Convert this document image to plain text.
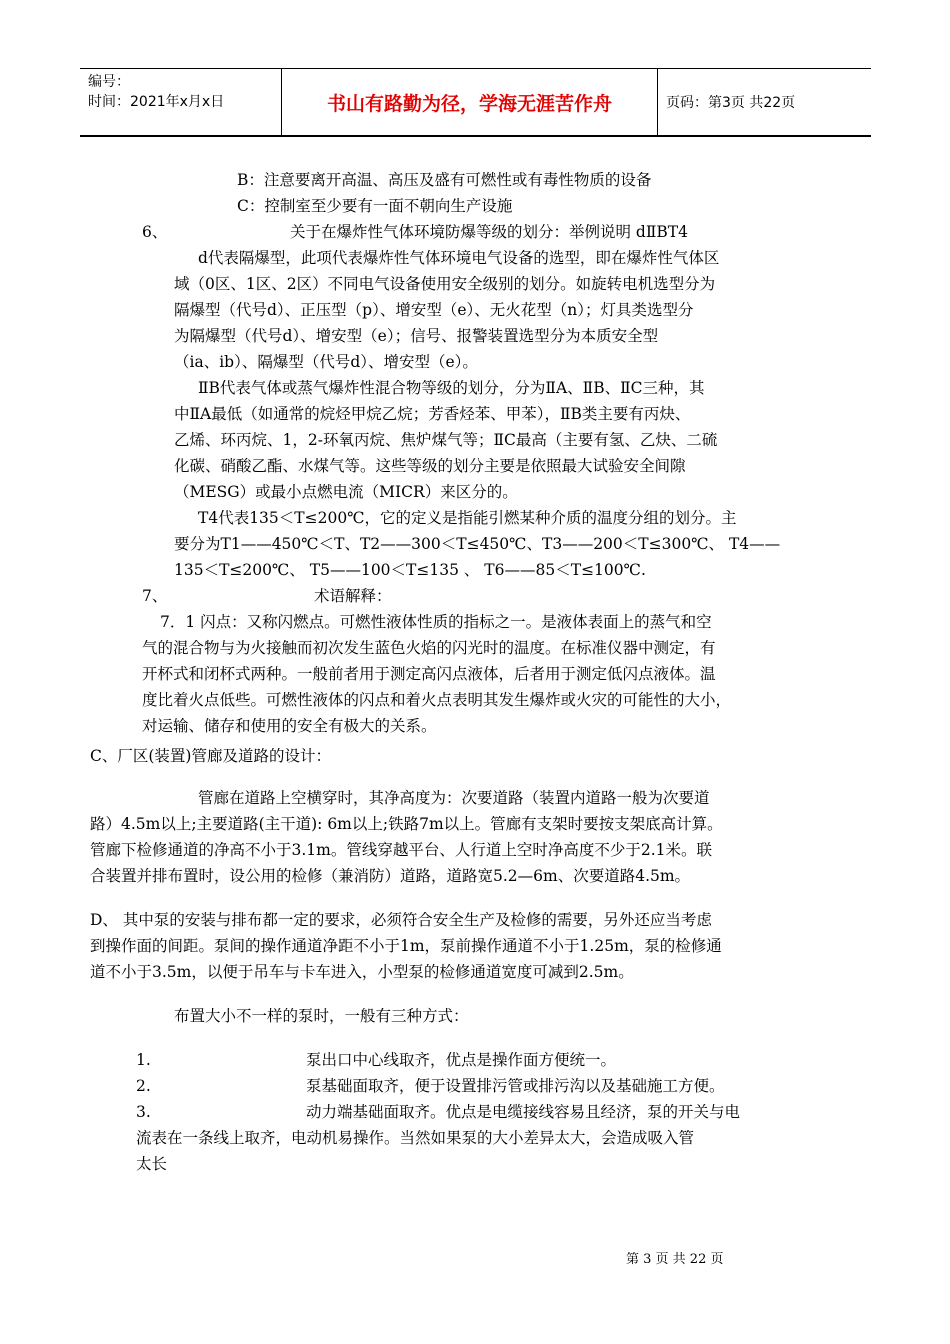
编号：
时间：2021年x月x日	书山有路勤为径，学海无涯苦作舟	页码：第3页 共22页
B：注意要离开高温、高压及盛有可燃性或有毒性物质的设备
C：控制室至少要有一面不朝向生产设施
6、	关于在爆炸性气体环境防爆等级的划分：举例说明 dⅡBT4
d代表隔爆型，此项代表爆炸性气体环境电气设备的选型，即在爆炸性气体区
域（0区、1区、2区）不同电气设备使用安全级别的划分。如旋转电机选型分为
隔爆型（代号d）、正压型（p）、增安型（e）、无火花型（n）；灯具类选型分
为隔爆型（代号d）、增安型（e）；信号、报警装置选型分为本质安全型
（ia、ib）、隔爆型（代号d）、增安型（e）。
ⅡB代表气体或蒸气爆炸性混合物等级的划分，分为ⅡA、ⅡB、ⅡC三种，其
中ⅡA最低（如通常的烷烃甲烷乙烷；芳香烃苯、甲苯），ⅡB类主要有丙炔、
乙烯、环丙烷、1，2-环氧丙烷、焦炉煤气等；ⅡC最高（主要有氢、乙炔、二硫
化碳、硝酸乙酯、水煤气等。这些等级的划分主要是依照最大试验安全间隙
（MESG）或最小点燃电流（MICR）来区分的。
T4代表135＜T≤200℃，它的定义是指能引燃某种介质的温度分组的划分。主
要分为T1——450℃＜T、T2——300＜T≤450℃、T3——200＜T≤300℃、 T4——
135＜T≤200℃、 T5——100＜T≤135 、 T6——85＜T≤100℃.
7、	术语解释：
7．1 闪点：又称闪燃点。可燃性液体性质的指标之一。是液体表面上的蒸气和空
气的混合物与为火接触而初次发生蓝色火焰的闪光时的温度。在标准仪器中测定，有
开杯式和闭杯式两种。一般前者用于测定高闪点液体，后者用于测定低闪点液体。温
度比着火点低些。可燃性液体的闪点和着火点表明其发生爆炸或火灾的可能性的大小，
对运输、储存和使用的安全有极大的关系。
C、厂区(装置)管廊及道路的设计：
管廊在道路上空横穿时，其净高度为：次要道路（装置内道路一般为次要道
路）4.5m以上;主要道路(主干道): 6m以上;铁路7m以上。管廊有支架时要按支架底高计算。
管廊下检修通道的净高不小于3.1m。管线穿越平台、人行道上空时净高度不少于2.1米。联
合装置并排布置时，设公用的检修（兼消防）道路，道路宽5.2—6m、次要道路4.5m。
D、 其中泵的安装与排布都一定的要求，必须符合安全生产及检修的需要，另外还应当考虑
到操作面的间距。泵间的操作通道净距不小于1m，泵前操作通道不小于1.25m，泵的检修通
道不小于3.5m，以便于吊车与卡车进入，小型泵的检修通道宽度可减到2.5m。
布置大小不一样的泵时，一般有三种方式：
1.	泵出口中心线取齐，优点是操作面方便统一。
2.	泵基础面取齐，便于设置排污管或排污沟以及基础施工方便。
3.	动力端基础面取齐。优点是电缆接线容易且经济，泵的开关与电
流表在一条线上取齐，电动机易操作。当然如果泵的大小差异太大，会造成吸入管
太长
第 3 页 共 22 页
